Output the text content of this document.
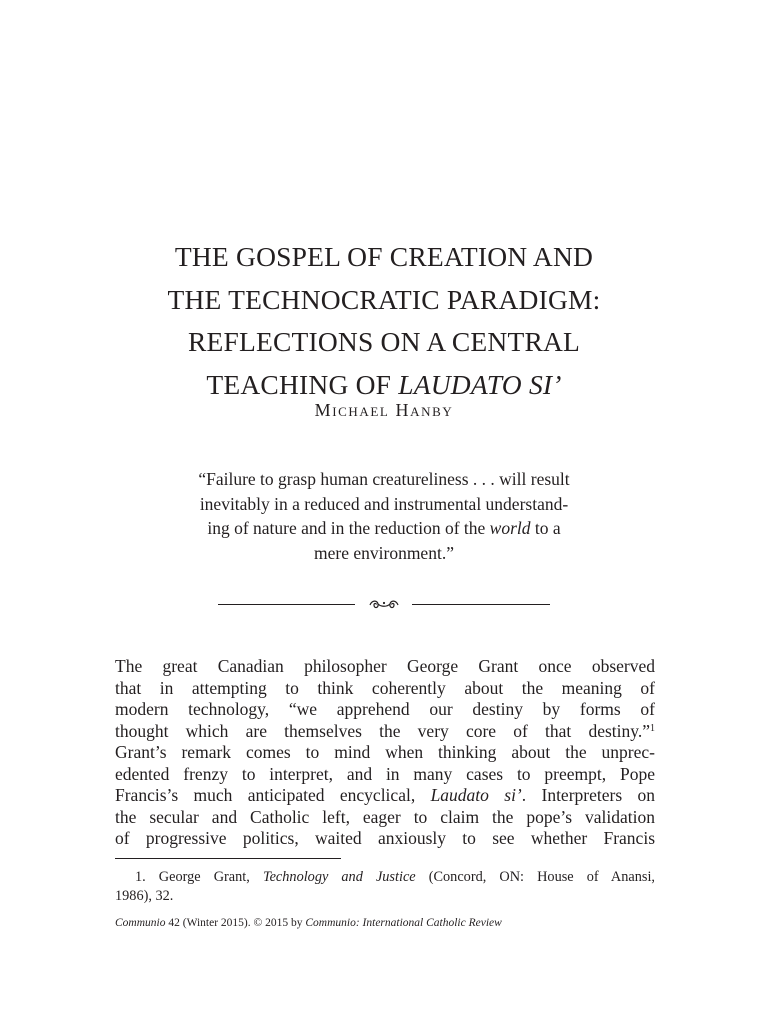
THE GOSPEL OF CREATION AND
THE TECHNOCRATIC PARADIGM:
REFLECTIONS ON A CENTRAL
TEACHING OF LAUDATO SI’
Michael Hanby
“Failure to grasp human creatureliness . . . will result
inevitably in a reduced and instrumental understand-
ing of nature and in the reduction of the world to a
mere environment.”
The great Canadian philosopher George Grant once observed
that in attempting to think coherently about the meaning of
modern technology, “we apprehend our destiny by forms of
thought which are themselves the very core of that destiny.”$^1$
Grant’s remark comes to mind when thinking about the unprec-
edented frenzy to interpret, and in many cases to preempt, Pope
Francis’s much anticipated encyclical, Laudato si’. Interpreters on
the secular and Catholic left, eager to claim the pope’s validation
of progressive politics, waited anxiously to see whether Francis
1. George Grant, Technology and Justice (Concord, ON: House of Anansi,
1986), 32.
Communio 42 (Winter 2015). © 2015 by Communio: International Catholic Review
